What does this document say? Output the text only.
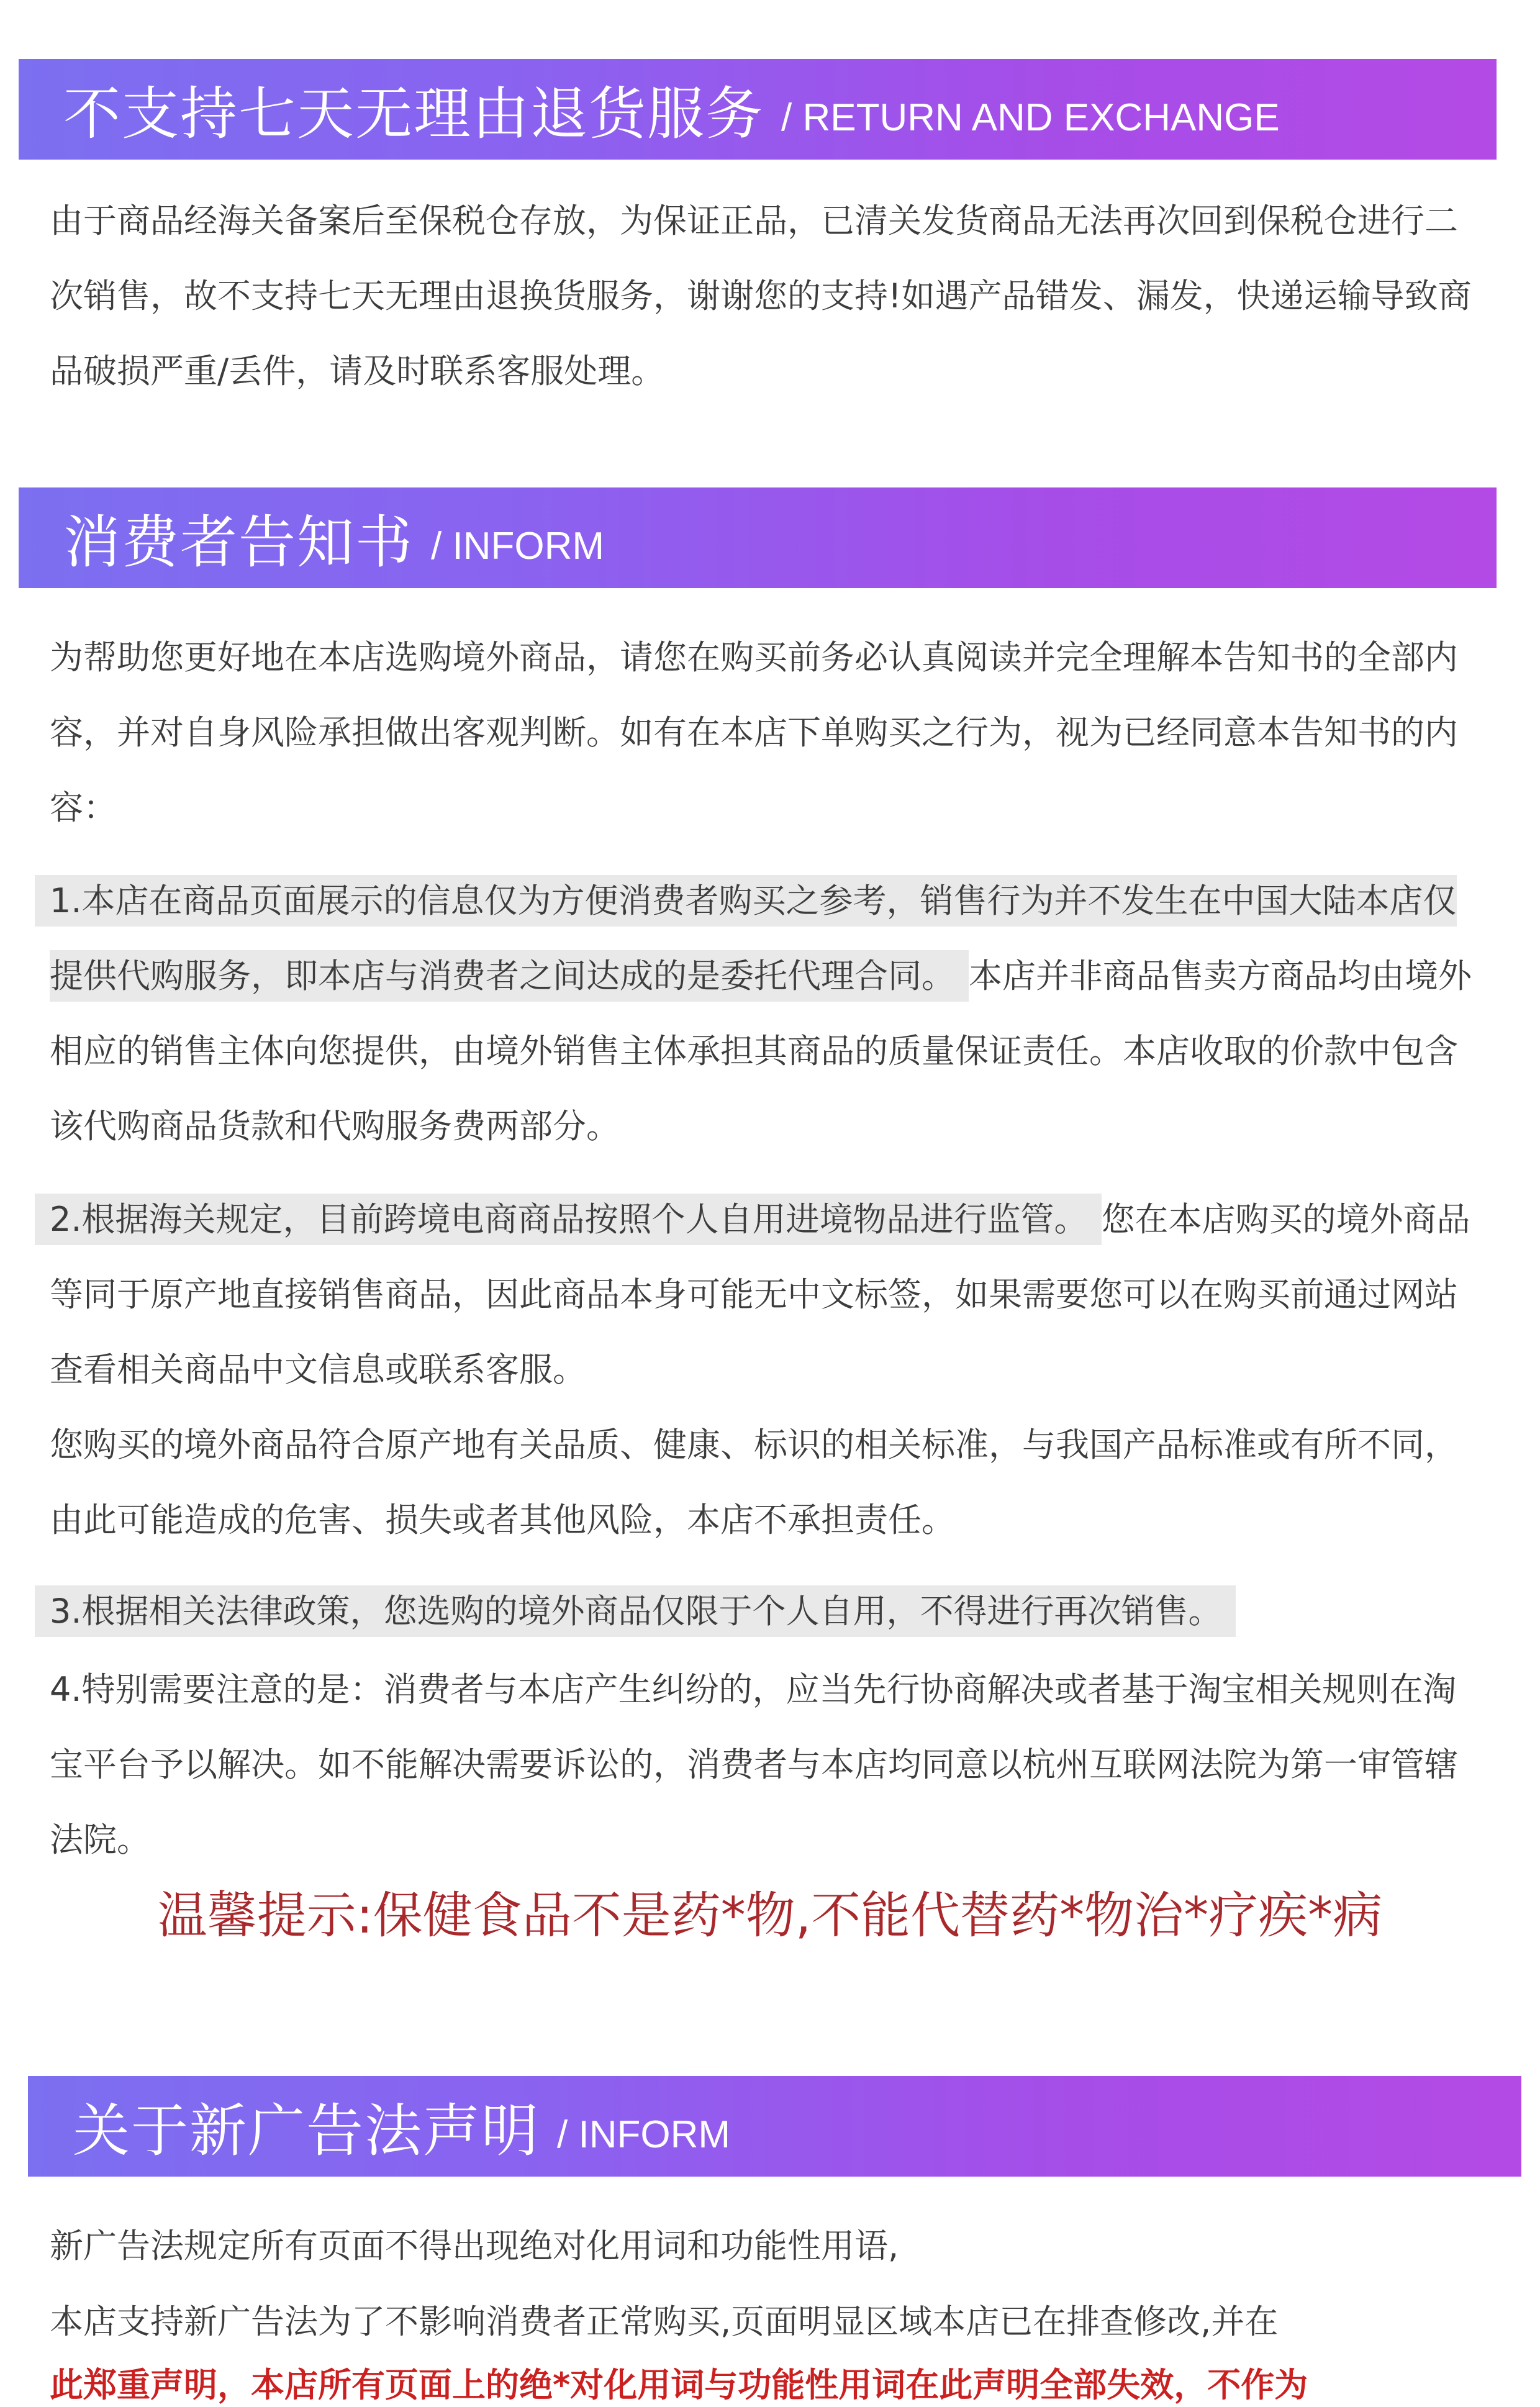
不支持七天无理由退货服务 / RETURN AND EXCHANGE

由于商品经海关备案后至保税仓存放，为保证正品，已清关发货商品无法再次回到保税仓进行二次销售，故不支持七天无理由退换货服务，谢谢您的支持!如遇产品错发、漏发，快递运输导致商品破损严重/丢件，请及时联系客服处理。

消费者告知书 / INFORM

为帮助您更好地在本店选购境外商品，请您在购买前务必认真阅读并完全理解本告知书的全部内容，并对自身风险承担做出客观判断。如有在本店下单购买之行为，视为已经同意本告知书的内容：

1.本店在商品页面展示的信息仅为方便消费者购买之参考，销售行为并不发生在中国大陆本店仅提供代购服务，即本店与消费者之间达成的是委托代理合同。 本店并非商品售卖方商品均由境外相应的销售主体向您提供，由境外销售主体承担其商品的质量保证责任。本店收取的价款中包含该代购商品货款和代购服务费两部分。

2.根据海关规定，目前跨境电商商品按照个人自用进境物品进行监管。 您在本店购买的境外商品等同于原产地直接销售商品，因此商品本身可能无中文标签，如果需要您可以在购买前通过网站查看相关商品中文信息或联系客服。

您购买的境外商品符合原产地有关品质、健康、标识的相关标准，与我国产品标准或有所不同，由此可能造成的危害、损失或者其他风险，本店不承担责任。

3.根据相关法律政策，您选购的境外商品仅限于个人自用，不得进行再次销售。

4.特别需要注意的是：消费者与本店产生纠纷的，应当先行协商解决或者基于淘宝相关规则在淘宝平台予以解决。如不能解决需要诉讼的，消费者与本店均同意以杭州互联网法院为第一审管辖法院。

温馨提示:保健食品不是药*物,不能代替药*物治*疗疾*病

关于新广告法声明 / INFORM

新广告法规定所有页面不得出现绝对化用词和功能性用语,

本店支持新广告法为了不影响消费者正常购买,页面明显区域本店已在排查修改,并在

此郑重声明，本店所有页面上的绝*对化用词与功能性用词在此声明全部失效，不作为
